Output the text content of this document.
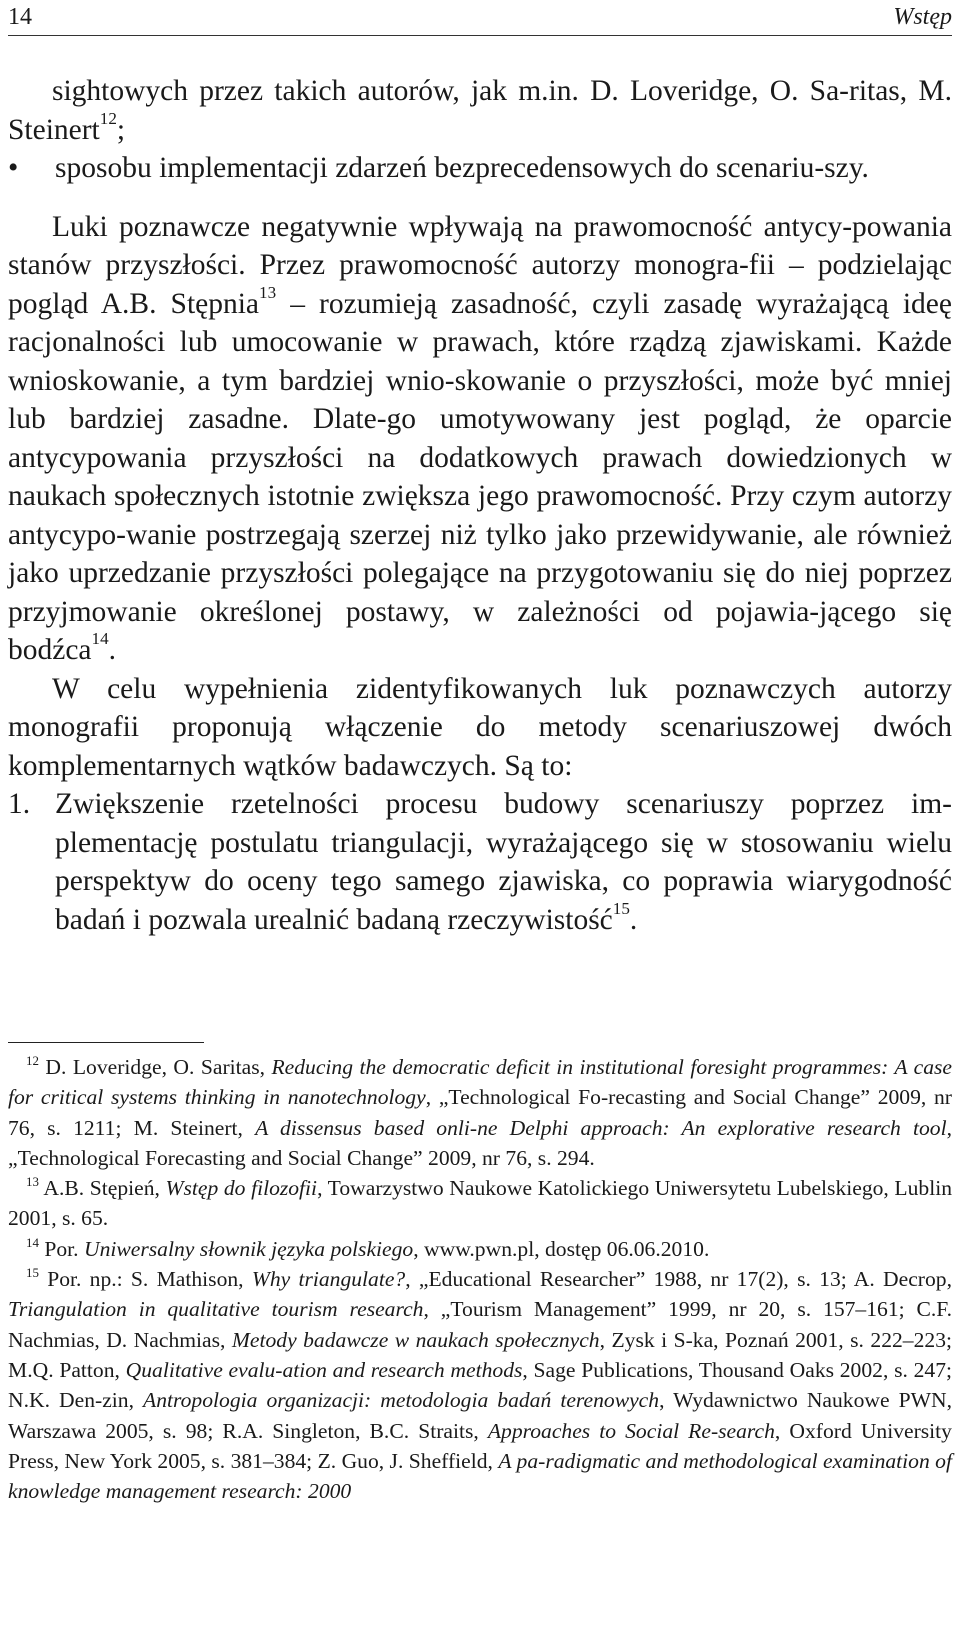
14	Wstęp

sightowych przez takich autorów, jak m.in. D. Loveridge, O. Sa-ritas, M. Steinert$^{12}$;

•	sposobu implementacji zdarzeń bezprecedensowych do scenariu-szy.

Luki poznawcze negatywnie wpływają na prawomocność antycy-powania stanów przyszłości. Przez prawomocność autorzy monogra-fii – podzielając pogląd A.B. Stępnia$^{13}$ – rozumieją zasadność, czyli zasadę wyrażającą ideę racjonalności lub umocowanie w prawach, które rządzą zjawiskami. Każde wnioskowanie, a tym bardziej wnio-skowanie o przyszłości, może być mniej lub bardziej zasadne. Dlate-go umotywowany jest pogląd, że oparcie antycypowania przyszłości na dodatkowych prawach dowiedzionych w naukach społecznych istotnie zwiększa jego prawomocność. Przy czym autorzy antycypo-wanie postrzegają szerzej niż tylko jako przewidywanie, ale również jako uprzedzanie przyszłości polegające na przygotowaniu się do niej poprzez przyjmowanie określonej postawy, w zależności od pojawia-jącego się bodźca$^{14}$.

W celu wypełnienia zidentyfikowanych luk poznawczych autorzy monografii proponują włączenie do metody scenariuszowej dwóch komplementarnych wątków badawczych. Są to:

1. Zwiększenie rzetelności procesu budowy scenariuszy poprzez im-plementację postulatu triangulacji, wyrażającego się w stosowaniu wielu perspektyw do oceny tego samego zjawiska, co poprawia wiarygodność badań i pozwala urealnić badaną rzeczywistość$^{15}$.

$^{12}$ D. Loveridge, O. Saritas, Reducing the democratic deficit in institutional foresight programmes: A case for critical systems thinking in nanotechnology, „Technological Fo-recasting and Social Change” 2009, nr 76, s. 1211; M. Steinert, A dissensus based onli-ne Delphi approach: An explorative research tool, „Technological Forecasting and Social Change” 2009, nr 76, s. 294.

$^{13}$ A.B. Stępień, Wstęp do filozofii, Towarzystwo Naukowe Katolickiego Uniwersytetu Lubelskiego, Lublin 2001, s. 65.

$^{14}$ Por. Uniwersalny słownik języka polskiego, www.pwn.pl, dostęp 06.06.2010.

$^{15}$ Por. np.: S. Mathison, Why triangulate?, „Educational Researcher” 1988, nr 17(2), s. 13; A. Decrop, Triangulation in qualitative tourism research, „Tourism Management” 1999, nr 20, s. 157–161; C.F. Nachmias, D. Nachmias, Metody badawcze w naukach społecznych, Zysk i S-ka, Poznań 2001, s. 222–223; M.Q. Patton, Qualitative evalu-ation and research methods, Sage Publications, Thousand Oaks 2002, s. 247; N.K. Den-zin, Antropologia organizacji: metodologia badań terenowych, Wydawnictwo Naukowe PWN, Warszawa 2005, s. 98; R.A. Singleton, B.C. Straits, Approaches to Social Re-search, Oxford University Press, New York 2005, s. 381–384; Z. Guo, J. Sheffield, A pa-radigmatic and methodological examination of knowledge management research: 2000
